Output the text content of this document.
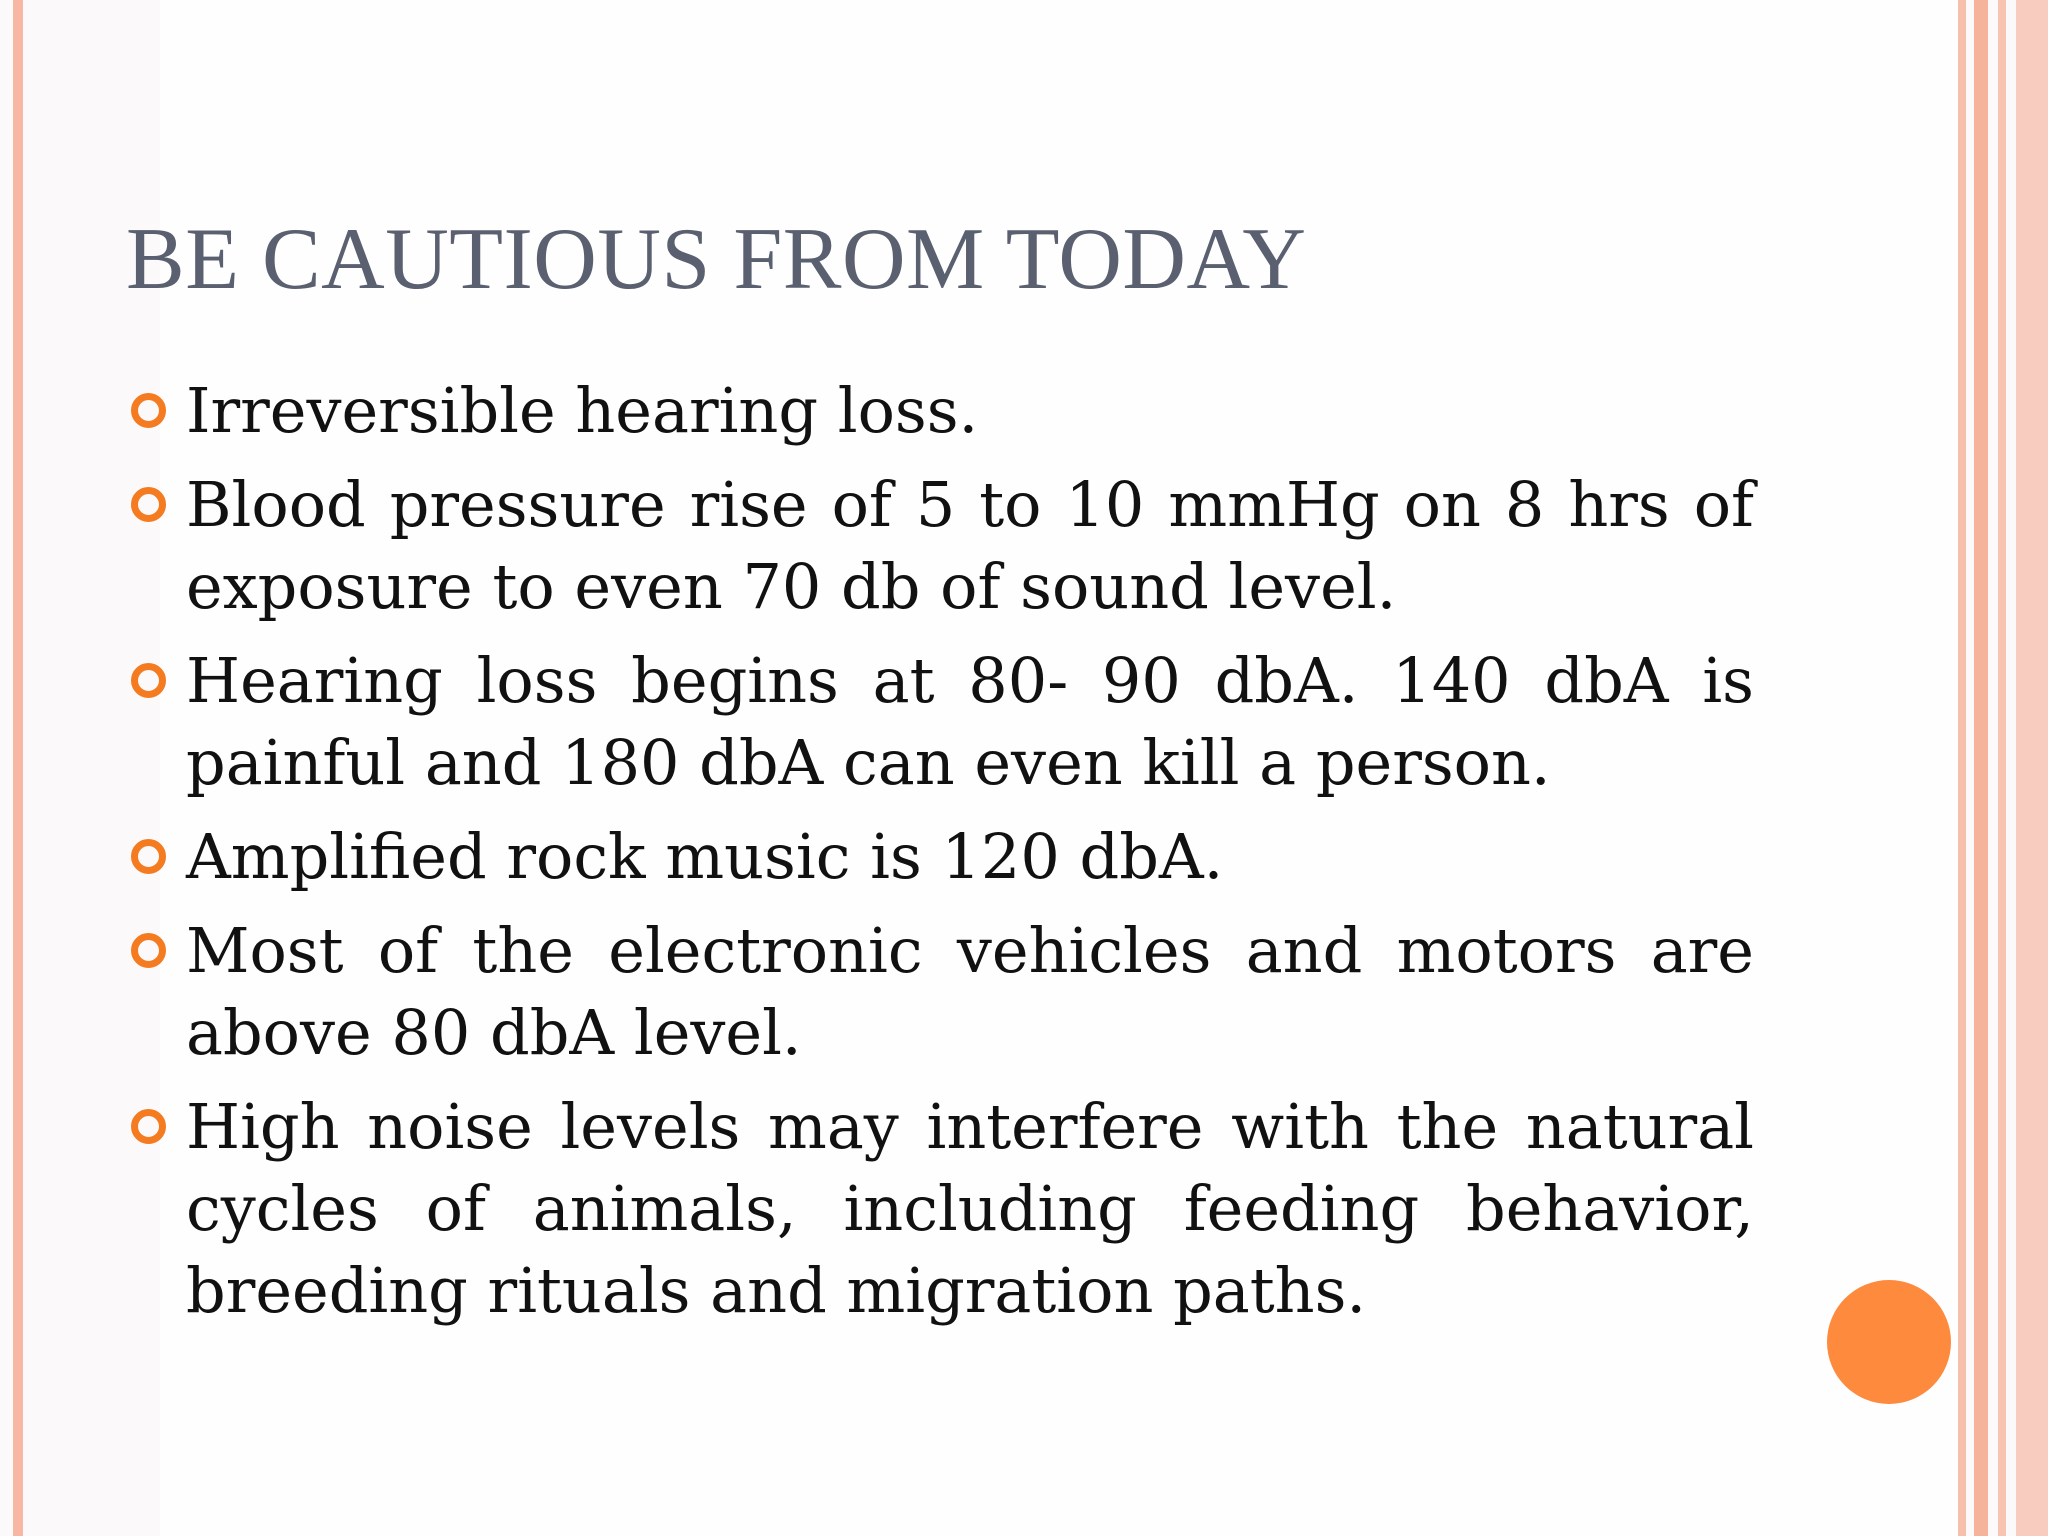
BE CAUTIOUS FROM TODAY
Irreversible hearing loss.
Blood pressure rise of 5 to 10 mmHg on 8 hrs of exposure to even 70 db of sound level.
Hearing loss begins at 80- 90 dbA. 140 dbA is painful and 180 dbA can even kill a person.
Amplified rock music is 120 dbA.
Most of the electronic vehicles and motors are above 80 dbA level.
High noise levels may interfere with the natural cycles of animals, including feeding behavior, breeding rituals and migration paths.
